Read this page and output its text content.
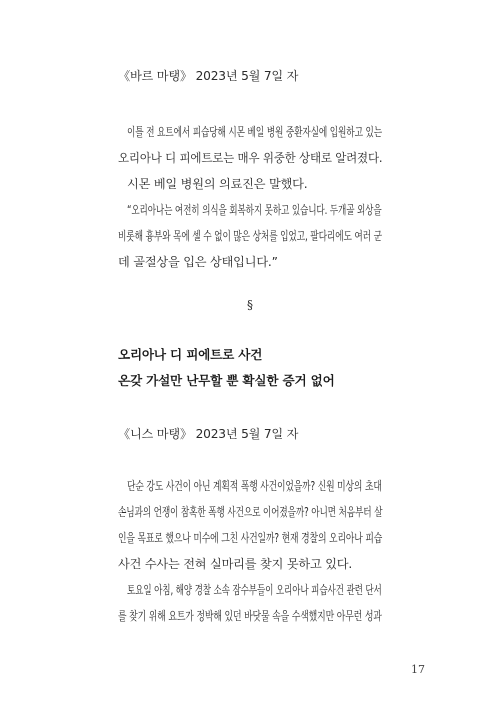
《바르 마탱》 2023년 5월 7일 자
이틀 전 요트에서 피습당해 시몬 베일 병원 중환자실에 입원하고 있는
오리아나 디 피에트로는 매우 위중한 상태로 알려졌다.
시몬 베일 병원의 의료진은 말했다.
“오리아나는 여전히 의식을 회복하지 못하고 있습니다. 두개골 외상을
비롯해 흉부와 목에 셀 수 없이 많은 상처를 입었고, 팔다리에도 여러 군
데 골절상을 입은 상태입니다.”
§
오리아나 디 피에트로 사건
온갖 가설만 난무할 뿐 확실한 증거 없어
《니스 마탱》 2023년 5월 7일 자
단순 강도 사건이 아닌 계획적 폭행 사건이었을까? 신원 미상의 초대
손님과의 언쟁이 참혹한 폭행 사건으로 이어졌을까? 아니면 처음부터 살
인을 목표로 했으나 미수에 그친 사건일까? 현재 경찰의 오리아나 피습
사건 수사는 전혀 실마리를 찾지 못하고 있다.
토요일 아침, 해양 경찰 소속 잠수부들이 오리아나 피습사건 관련 단서
를 찾기 위해 요트가 정박해 있던 바닷물 속을 수색했지만 아무런 성과
17
